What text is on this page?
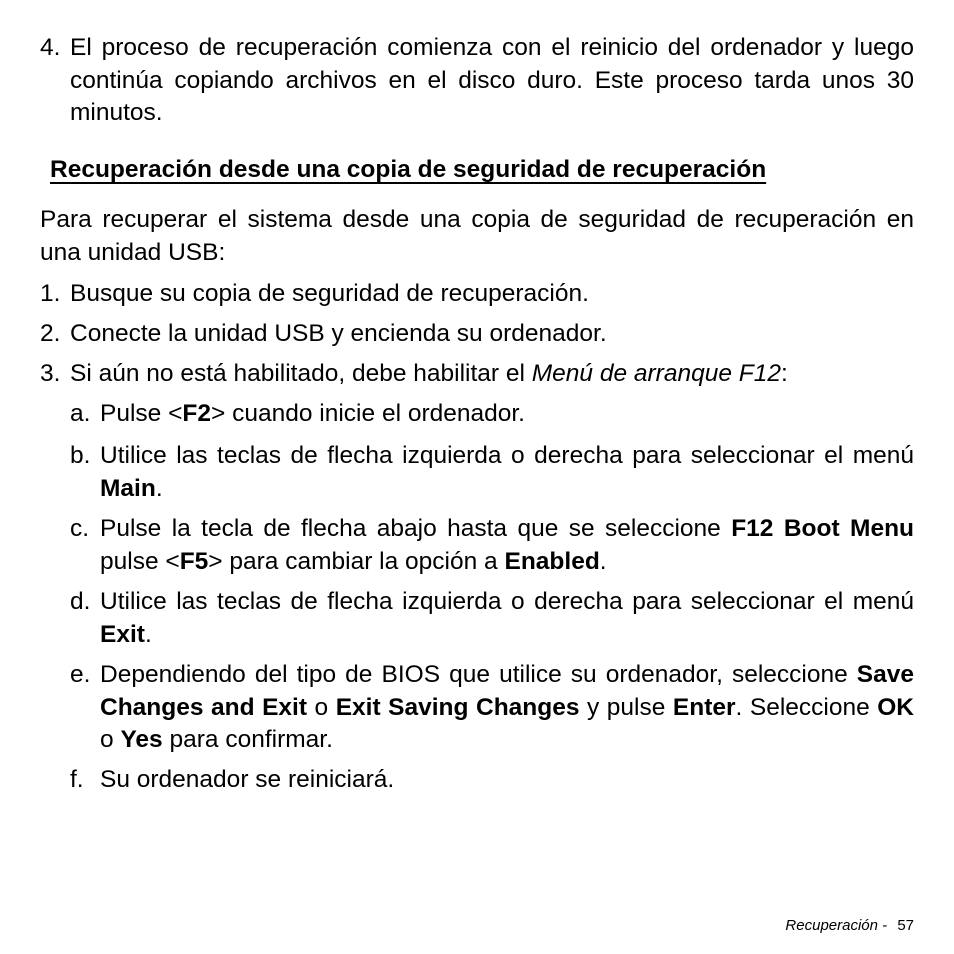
4. El proceso de recuperación comienza con el reinicio del ordenador y luego continúa copiando archivos en el disco duro. Este proceso tarda unos 30 minutos.
Recuperación desde una copia de seguridad de recuperación
Para recuperar el sistema desde una copia de seguridad de recuperación en una unidad USB:
1. Busque su copia de seguridad de recuperación.
2. Conecte la unidad USB y encienda su ordenador.
3. Si aún no está habilitado, debe habilitar el Menú de arranque F12:
a. Pulse <F2> cuando inicie el ordenador.
b. Utilice las teclas de flecha izquierda o derecha para seleccionar el menú Main.
c. Pulse la tecla de flecha abajo hasta que se seleccione F12 Boot Menu pulse <F5> para cambiar la opción a Enabled.
d. Utilice las teclas de flecha izquierda o derecha para seleccionar el menú Exit.
e. Dependiendo del tipo de BIOS que utilice su ordenador, seleccione Save Changes and Exit o Exit Saving Changes y pulse Enter. Seleccione OK o Yes para confirmar.
f. Su ordenador se reiniciará.
Recuperación - 57
